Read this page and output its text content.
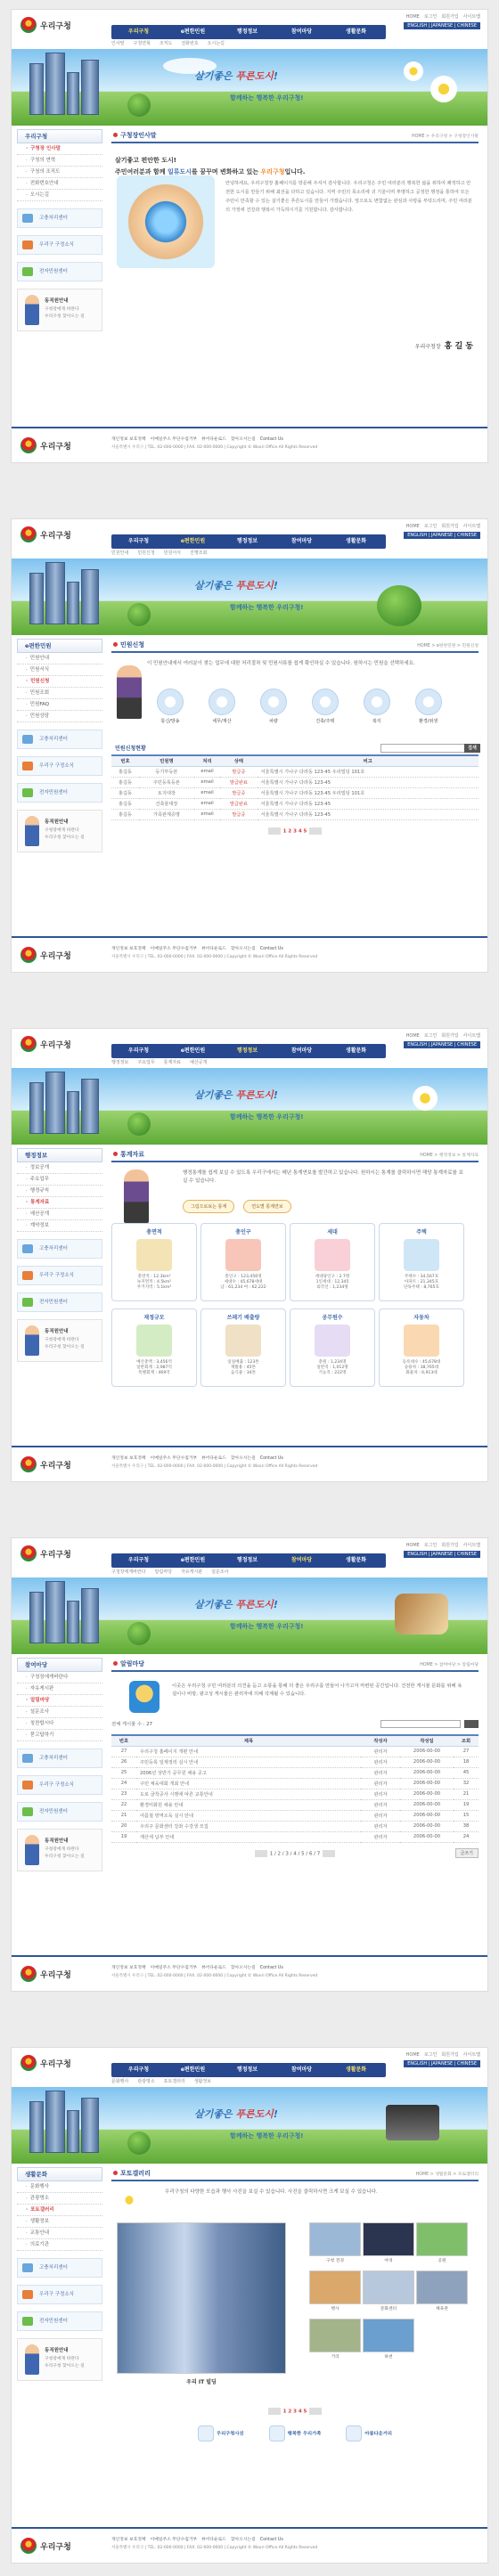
우리구청
HOME 로그인 회원가입 사이트맵
ENGLISH | JAPANESE | CHINESE
우리구청	e편한민원	행정정보	참여마당	생활문화
인사말 구청연혁 조직도 전화번호 오시는길
살기좋은 푸른도시!
함께하는 행복한 우리구청!
우리구청
· 구청장 인사말
· 구청의 연혁
· 구청의 조직도
· 전화번호안내
· 오시는길
고충처리센터
우리구 구정소식
전자민원센터
동직원안내
구청장에게 바란다
우리구청 찾아오는 길
구청장인사말	HOME > 우리구청 > 구청장인사말
살기좋고 편안한 도시!
주민여러분과 함께 일류도시를 꿈꾸며 변화하고 있는 우리구청입니다.
안녕하세요, 우리구청장 홈페이지를 방문해 주셔서 감사합니다. 우리구청은 주민 여러분의 행복한 삶을 위하여 쾌적하고 안전한 도시를 만들기 위해 최선을 다하고 있습니다. 지역 주민의 목소리에 귀 기울이며 투명하고 공정한 행정을 통하여 모든 주민이 만족할 수 있는 살기좋은 푸른도시를 만들어 가겠습니다. 앞으로도 변함없는 관심과 사랑을 부탁드리며, 주민 여러분의 가정에 건강과 행복이 가득하시기를 기원합니다. 감사합니다.
우리구청장 홍 길 동
우리구청
개인정보 보호정책 이메일주소 무단수집거부 뷰어다운로드 찾아오시는길 Contact Us
서울특별시 우리구 | TEL. 02-000-0000 | FAX. 02-000-0000 | Copyright © Woori Office All Rights Reserved
우리구청
HOME 로그인 회원가입 사이트맵
ENGLISH | JAPANESE | CHINESE
우리구청	e편한민원	행정정보	참여마당	생활문화
민원안내 민원신청 민원서식 진행조회
살기좋은 푸른도시!
함께하는 행복한 우리구청!
e편한민원
· 민원안내
· 민원서식
· 민원신청
· 민원조회
· 민원FAQ
· 민원상담
고충처리센터
우리구 구정소식
전자민원센터
동직원안내
구청장에게 바란다
우리구청 찾아오는 길
민원신청	HOME > e편한민원 > 민원신청
이 민원안내에서 여러분이 찾는 업무에 대한 처리절차 및 민원서류를 쉽게 확인하실 수 있습니다. 원하시는 민원을 선택하세요.
통신/방송	세무/재산	차량	건축/주택	복지	환경/위생
민원신청현황	검색
번호	민원명	처리	상태	비고
홍길동	등기부등본	email	발급중	서울특별시 가나구 다라동 123-45 우리빌딩 101호
홍길동	주민등록등본	email	발급완료	서울특별시 가나구 다라동 123-45
홍길동	토지대장	email	발급중	서울특별시 가나구 다라동 123-45 우리빌딩 101호
홍길동	건축물대장	email	발급완료	서울특별시 가나구 다라동 123-45
홍길동	가족관계증명	email	발급중	서울특별시 가나구 다라동 123-45
1 2 3 4 5
우리구청
개인정보 보호정책 이메일주소 무단수집거부 뷰어다운로드 찾아오시는길 Contact Us
서울특별시 우리구 | TEL. 02-000-0000 | FAX. 02-000-0000 | Copyright © Woori Office All Rights Reserved
우리구청
HOME 로그인 회원가입 사이트맵
ENGLISH | JAPANESE | CHINESE
우리구청	e편한민원	행정정보	참여마당	생활문화
행정정보 주요업무 통계자료 예산공개
살기좋은 푸른도시!
함께하는 행복한 우리구청!
행정정보
· 정보공개
· 주요업무
· 행정규칙
· 통계자료
· 예산공개
· 계약정보
고충처리센터
우리구 구정소식
전자민원센터
동직원안내
구청장에게 바란다
우리구청 찾아오는 길
통계자료	HOME > 행정정보 > 통계자료
행정통계를 쉽게 보실 수 있도록 우리구에서는 매년 통계연보를 발간하고 있습니다. 원하시는 통계를 클릭하시면 해당 통계자료를 보실 수 있습니다.
그림으로보는 통계	연도별 통계연보
총면적
총면적 : 12.3km²
녹지면적 : 4.5km²
주거지역 : 5.1km²
총인구
총인구 : 123,456명
세대수 : 45,678세대
남 : 61,234 여 : 62,222
세대
세대당인구 : 2.7명
1인세대 : 12,345
외국인 : 1,234명
주택
주택수 : 34,567호
아파트 : 21,345호
단독주택 : 8,765호
재정규모
예산총액 : 3,456억
일반회계 : 2,987억
특별회계 : 469억
쓰레기 배출량
일일배출 : 123톤
재활용 : 45톤
음식물 : 34톤
공무원수
총원 : 1,234명
일반직 : 1,012명
기능직 : 222명
자동차
등록대수 : 45,678대
승용차 : 38,765대
화물차 : 6,913대
우리구청
개인정보 보호정책 이메일주소 무단수집거부 뷰어다운로드 찾아오시는길 Contact Us
서울특별시 우리구 | TEL. 02-000-0000 | FAX. 02-000-0000 | Copyright © Woori Office All Rights Reserved
우리구청
HOME 로그인 회원가입 사이트맵
ENGLISH | JAPANESE | CHINESE
우리구청	e편한민원	행정정보	참여마당	생활문화
구청장에게바란다 알림마당 자유게시판 설문조사
살기좋은 푸른도시!
함께하는 행복한 우리구청!
참여마당
· 구청장에게바란다
· 자유게시판
· 알림마당
· 설문조사
· 칭찬합시다
· 묻고답하기
고충처리센터
우리구 구정소식
전자민원센터
동직원안내
구청장에게 바란다
우리구청 찾아오는 길
알림마당	HOME > 참여마당 > 알림마당
이곳은 우리구청 구민 여러분의 의견을 듣고 소통을 통해 더 좋은 우리구를 만들어 나가고자 마련된 공간입니다. 건전한 게시물 문화를 위해 욕설이나 비방, 광고성 게시물은 관리자에 의해 삭제될 수 있습니다.
전체 게시물 수 : 27
번호	제목	작성자	작성일	조회
27	우리구청 홈페이지 개편 안내	관리자	2006-00-00	27
26	주민등록 일제정리 실시 안내	관리자	2006-00-00	18
25	2006년 상반기 공무원 채용 공고	관리자	2006-00-00	45
24	구민 체육대회 개최 안내	관리자	2006-00-00	32
23	도로 굴착공사 시행에 따른 교통안내	관리자	2006-00-00	21
22	환경미화원 채용 안내	관리자	2006-00-00	19
21	여름철 방역소독 실시 안내	관리자	2006-00-00	15
20	우리구 문화센터 강좌 수강생 모집	관리자	2006-00-00	38
19	재산세 납부 안내	관리자	2006-00-00	24
1 / 2 / 3 / 4 / 5 / 6 / 7	글쓰기
우리구청
개인정보 보호정책 이메일주소 무단수집거부 뷰어다운로드 찾아오시는길 Contact Us
서울특별시 우리구 | TEL. 02-000-0000 | FAX. 02-000-0000 | Copyright © Woori Office All Rights Reserved
우리구청
HOME 로그인 회원가입 사이트맵
ENGLISH | JAPANESE | CHINESE
우리구청	e편한민원	행정정보	참여마당	생활문화
문화행사 관광명소 포토갤러리 생활정보
살기좋은 푸른도시!
함께하는 행복한 우리구청!
생활문화
· 문화행사
· 관광명소
· 포토갤러리
· 생활정보
· 교통안내
· 의료기관
고충처리센터
우리구 구정소식
전자민원센터
동직원안내
구청장에게 바란다
우리구청 찾아오는 길
포토갤러리	HOME > 생활문화 > 포토갤러리
우리구청의 다양한 모습과 행사 사진을 보실 수 있습니다. 사진을 클릭하시면 크게 보실 수 있습니다.
우리 IT 빌딩
구청 전경	야경	공원
행사	문화센터	체육관
거리	하천
1 2 3 4 5
우리구청사진	행복한 우리가족	아름다운거리
우리구청
개인정보 보호정책 이메일주소 무단수집거부 뷰어다운로드 찾아오시는길 Contact Us
서울특별시 우리구 | TEL. 02-000-0000 | FAX. 02-000-0000 | Copyright © Woori Office All Rights Reserved
